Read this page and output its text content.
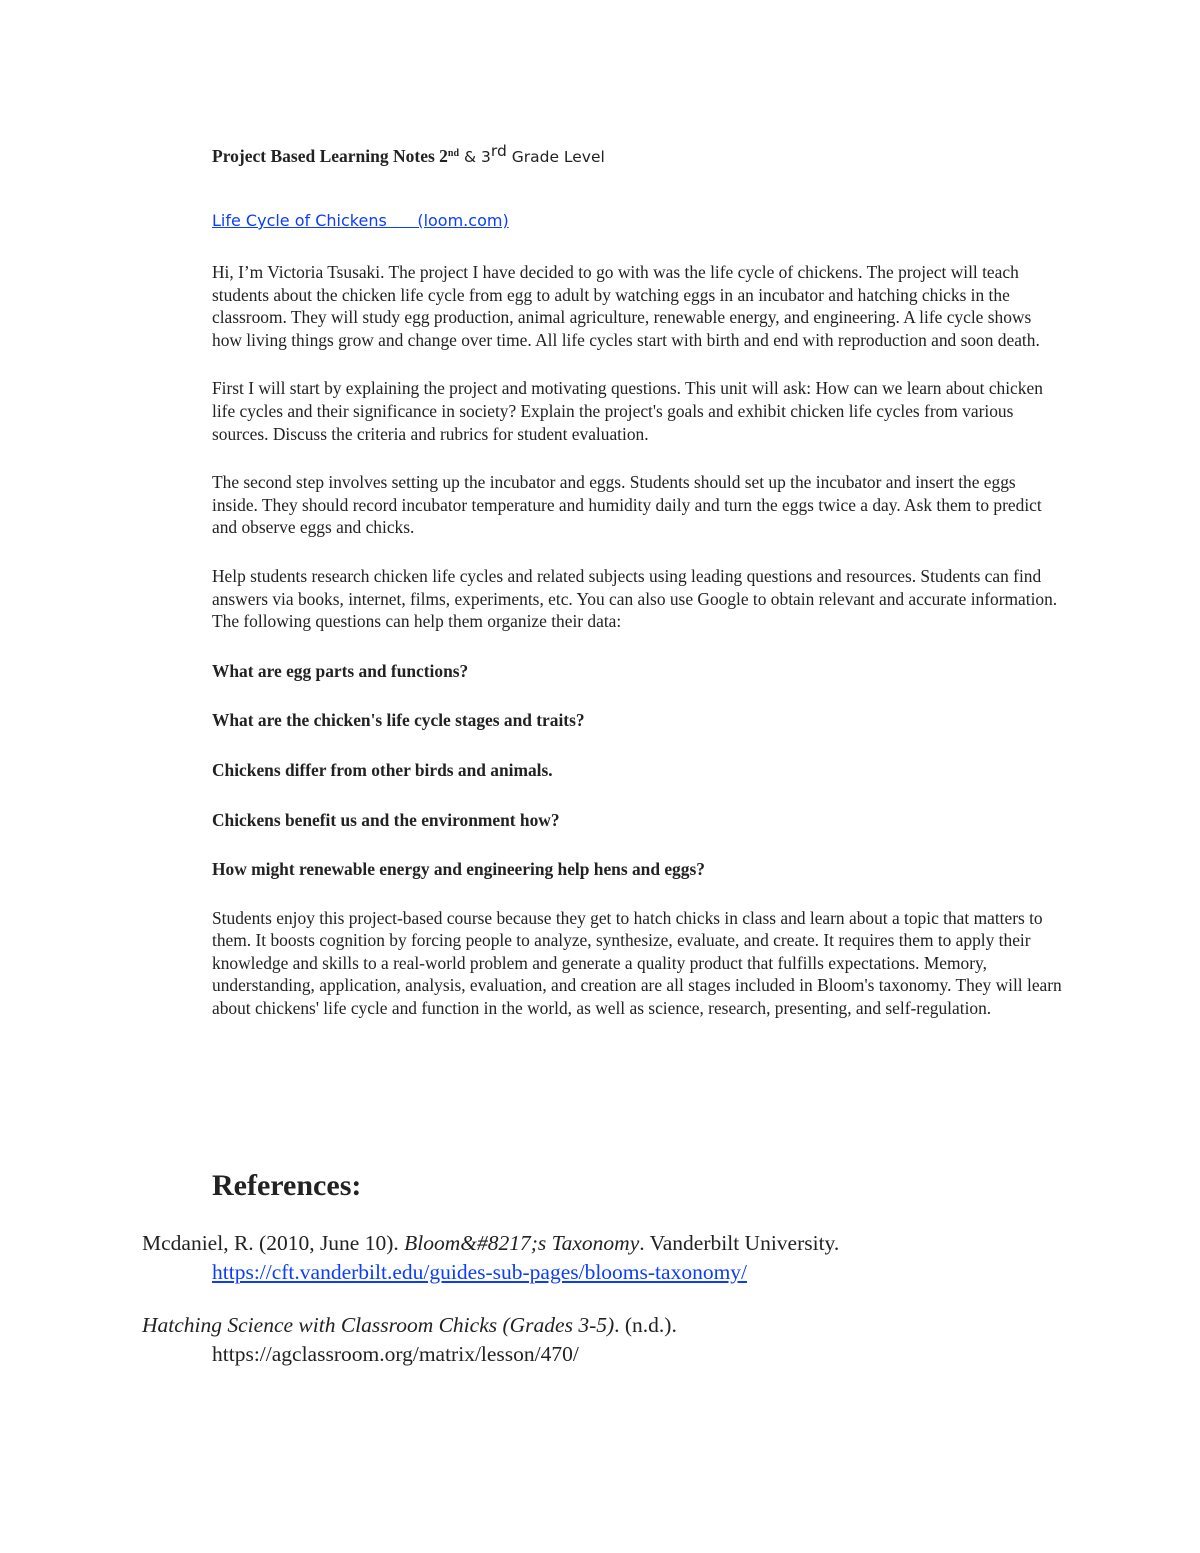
Project Based Learning Notes 2nd & 3rd Grade Level

Life Cycle of Chickens      (loom.com)

Hi, I’m Victoria Tsusaki. The project I have decided to go with was the life cycle of chickens. The project will teach students about the chicken life cycle from egg to adult by watching eggs in an incubator and hatching chicks in the classroom. They will study egg production, animal agriculture, renewable energy, and engineering. A life cycle shows how living things grow and change over time. All life cycles start with birth and end with reproduction and soon death.

First I will start by explaining the project and motivating questions. This unit will ask: How can we learn about chicken life cycles and their significance in society? Explain the project's goals and exhibit chicken life cycles from various sources. Discuss the criteria and rubrics for student evaluation.

The second step involves setting up the incubator and eggs. Students should set up the incubator and insert the eggs inside. They should record incubator temperature and humidity daily and turn the eggs twice a day. Ask them to predict and observe eggs and chicks.

Help students research chicken life cycles and related subjects using leading questions and resources. Students can find answers via books, internet, films, experiments, etc. You can also use Google to obtain relevant and accurate information. The following questions can help them organize their data:

What are egg parts and functions?

What are the chicken's life cycle stages and traits?

Chickens differ from other birds and animals.

Chickens benefit us and the environment how?

How might renewable energy and engineering help hens and eggs?

Students enjoy this project-based course because they get to hatch chicks in class and learn about a topic that matters to them. It boosts cognition by forcing people to analyze, synthesize, evaluate, and create. It requires them to apply their knowledge and skills to a real-world problem and generate a quality product that fulfills expectations. Memory, understanding, application, analysis, evaluation, and creation are all stages included in Bloom's taxonomy. They will learn about chickens' life cycle and function in the world, as well as science, research, presenting, and self-regulation.

References:

Mcdaniel, R. (2010, June 10). Bloom&#8217;s Taxonomy. Vanderbilt University.
https://cft.vanderbilt.edu/guides-sub-pages/blooms-taxonomy/

Hatching Science with Classroom Chicks (Grades 3-5). (n.d.).
https://agclassroom.org/matrix/lesson/470/
